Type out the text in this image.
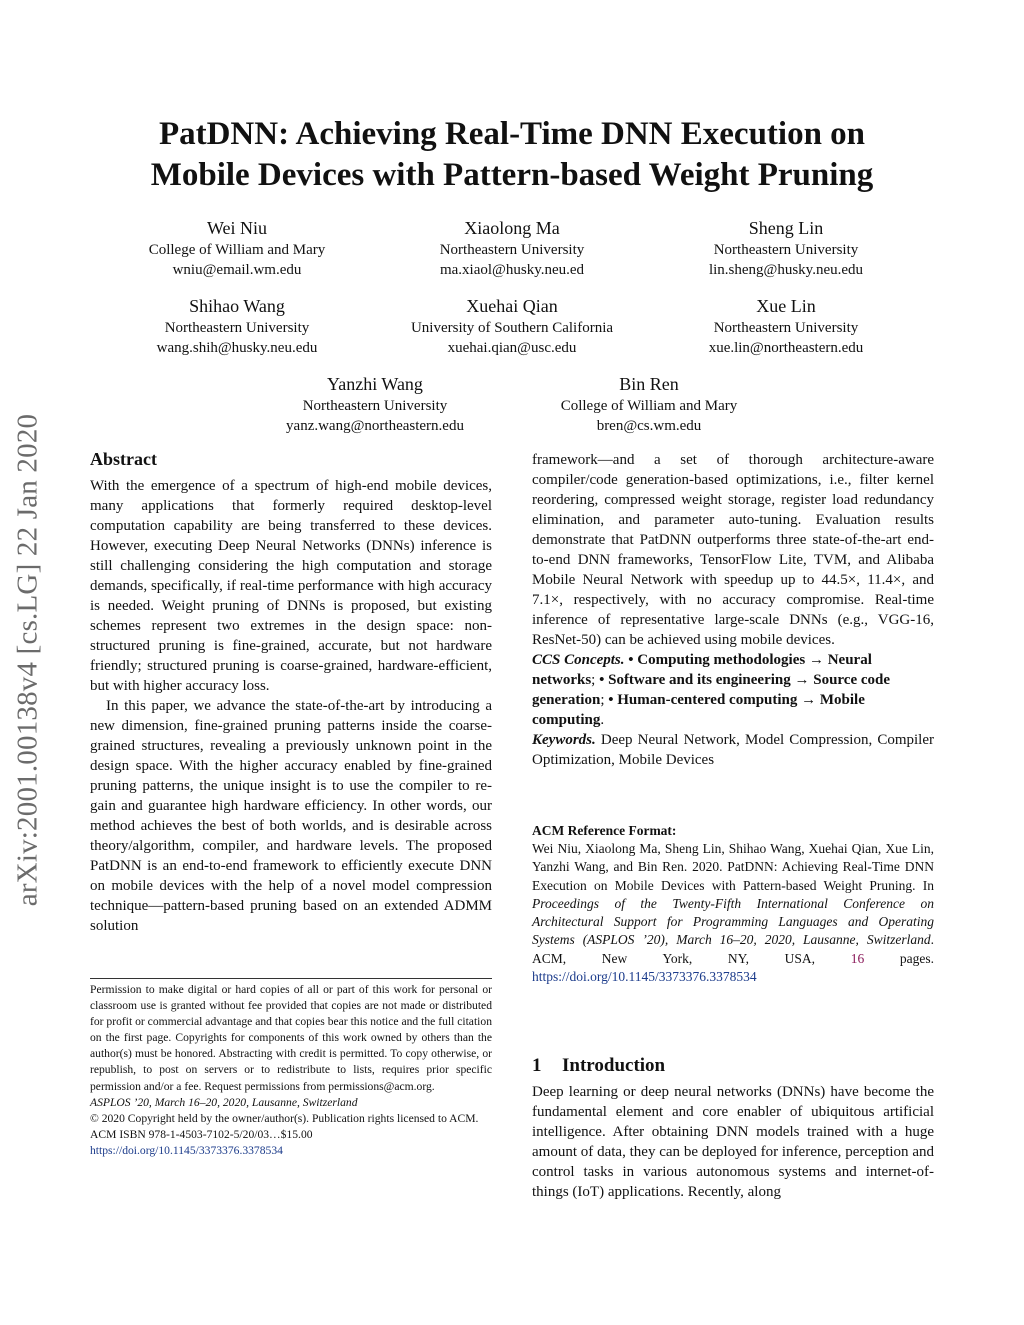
PatDNN: Achieving Real-Time DNN Execution on
Mobile Devices with Pattern-based Weight Pruning
Wei Niu
College of William and Mary
wniu@email.wm.edu
Xiaolong Ma
Northeastern University
ma.xiaol@husky.neu.ed
Sheng Lin
Northeastern University
lin.sheng@husky.neu.edu
Shihao Wang
Northeastern University
wang.shih@husky.neu.edu
Xuehai Qian
University of Southern California
xuehai.qian@usc.edu
Xue Lin
Northeastern University
xue.lin@northeastern.edu
Yanzhi Wang
Northeastern University
yanz.wang@northeastern.edu
Bin Ren
College of William and Mary
bren@cs.wm.edu
arXiv:2001.00138v4 [cs.LG] 22 Jan 2020	Abstract

With the emergence of a spectrum of high-end mobile devices, many applications that formerly required desktop-level computation capability are being transferred to these devices. However, executing Deep Neural Networks (DNNs) inference is still challenging considering the high computation and storage demands, specifically, if real-time performance with high accuracy is needed. Weight pruning of DNNs is proposed, but existing schemes represent two extremes in the design space: non-structured pruning is fine-grained, accurate, but not hardware friendly; structured pruning is coarse-grained, hardware-efficient, but with higher accuracy loss.

In this paper, we advance the state-of-the-art by introducing a new dimension, fine-grained pruning patterns inside the coarse-grained structures, revealing a previously unknown point in the design space. With the higher accuracy enabled by fine-grained pruning patterns, the unique insight is to use the compiler to re-gain and guarantee high hardware efficiency. In other words, our method achieves the best of both worlds, and is desirable across theory/algorithm, compiler, and hardware levels. The proposed PatDNN is an end-to-end framework to efficiently execute DNN on mobile devices with the help of a novel model compression technique—pattern-based pruning based on an extended ADMM solution

Permission to make digital or hard copies of all or part of this work for personal or classroom use is granted without fee provided that copies are not made or distributed for profit or commercial advantage and that copies bear this notice and the full citation on the first page. Copyrights for components of this work owned by others than the author(s) must be honored. Abstracting with credit is permitted. To copy otherwise, or republish, to post on servers or to redistribute to lists, requires prior specific permission and/or a fee. Request permissions from permissions@acm.org.

ASPLOS ’20, March 16–20, 2020, Lausanne, Switzerland

© 2020 Copyright held by the owner/author(s). Publication rights licensed to ACM.

ACM ISBN 978-1-4503-7102-5/20/03…$15.00

https://doi.org/10.1145/3373376.3378534

framework—and a set of thorough architecture-aware compiler/code generation-based optimizations, i.e., filter kernel reordering, compressed weight storage, register load redundancy elimination, and parameter auto-tuning. Evaluation results demonstrate that PatDNN outperforms three state-of-the-art end-to-end DNN frameworks, TensorFlow Lite, TVM, and Alibaba Mobile Neural Network with speedup up to 44.5×, 11.4×, and 7.1×, respectively, with no accuracy compromise. Real-time inference of representative large-scale DNNs (e.g., VGG-16, ResNet-50) can be achieved using mobile devices.

CCS Concepts. • Computing methodologies → Neural networks; • Software and its engineering → Source code generation; • Human-centered computing → Mobile computing.

Keywords. Deep Neural Network, Model Compression, Compiler Optimization, Mobile Devices

ACM Reference Format:

Wei Niu, Xiaolong Ma, Sheng Lin, Shihao Wang, Xuehai Qian, Xue Lin, Yanzhi Wang, and Bin Ren. 2020. PatDNN: Achieving Real-Time DNN Execution on Mobile Devices with Pattern-based Weight Pruning. In Proceedings of the Twenty-Fifth International Conference on Architectural Support for Programming Languages and Operating Systems (ASPLOS ’20), March 16–20, 2020, Lausanne, Switzerland. ACM, New York, NY, USA, 16 pages. https://doi.org/10.1145/3373376.3378534

1 Introduction

Deep learning or deep neural networks (DNNs) have become the fundamental element and core enabler of ubiquitous artificial intelligence. After obtaining DNN models trained with a huge amount of data, they can be deployed for inference, perception and control tasks in various autonomous systems and internet-of-things (IoT) applications. Recently, along
